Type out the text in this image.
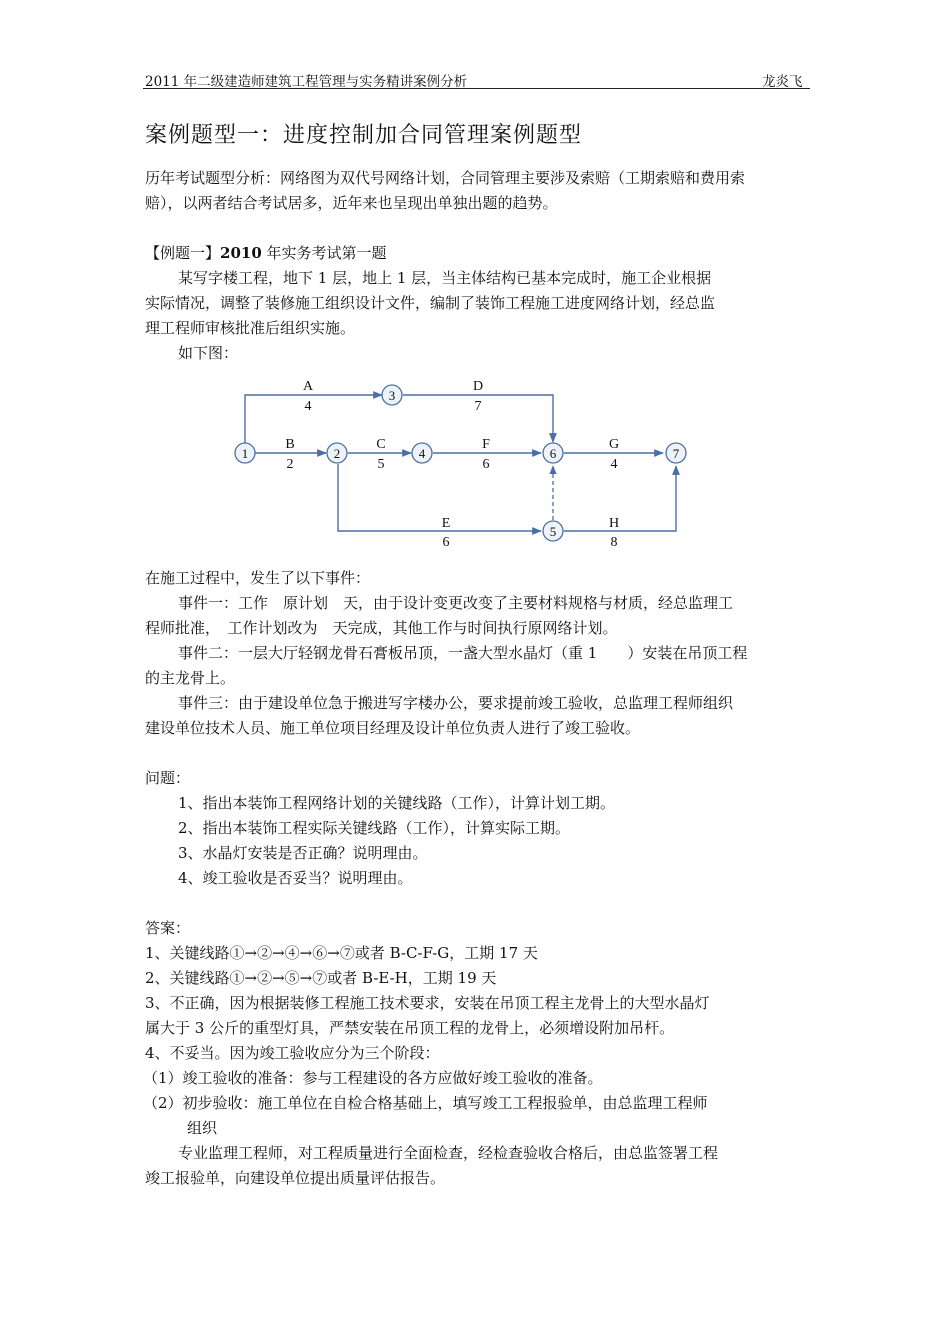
2011 年二级建造师建筑工程管理与实务精讲案例分析	龙炎飞
案例题型一：进度控制加合同管理案例题型
历年考试题型分析：网络图为双代号网络计划，合同管理主要涉及索赔（工期索赔和费用索
赔），以两者结合考试居多，近年来也呈现出单独出题的趋势。
【例题一】2010 年实务考试第一题
某写字楼工程，地下 1 层，地上 1 层，当主体结构已基本完成时，施工企业根据
实际情况，调整了装修施工组织设计文件，编制了装饰工程施工进度网络计划，经总监
理工程师审核批准后组织实施。
如下图：
1	2
3
4
5
6	7
A
4
B
2
C
5
D
7
E
6
F
6
G
4
H
8
在施工过程中，发生了以下事件：
事件一：工作　原计划　天，由于设计变更改变了主要材料规格与材质，经总监理工
程师批准，　工作计划改为　天完成，其他工作与时间执行原网络计划。
事件二：一层大厅轻钢龙骨石膏板吊顶，一盏大型水晶灯（重 1　　）安装在吊顶工程
的主龙骨上。
事件三：由于建设单位急于搬进写字楼办公，要求提前竣工验收，总监理工程师组织
建设单位技术人员、施工单位项目经理及设计单位负责人进行了竣工验收。
问题：
1、指出本装饰工程网络计划的关键线路（工作），计算计划工期。
2、指出本装饰工程实际关键线路（工作），计算实际工期。
3、水晶灯安装是否正确？说明理由。
4、竣工验收是否妥当？说明理由。
答案：
1、关键线路①→②→④→⑥→⑦或者 B-C-F-G，工期 17 天
2、关键线路①→②→⑤→⑦或者 B-E-H，工期 19 天
3、不正确，因为根据装修工程施工技术要求，安装在吊顶工程主龙骨上的大型水晶灯
属大于 3 公斤的重型灯具，严禁安装在吊顶工程的龙骨上，必须增设附加吊杆。
4、不妥当。因为竣工验收应分为三个阶段：
（1）竣工验收的准备：参与工程建设的各方应做好竣工验收的准备。
（2）初步验收：施工单位在自检合格基础上，填写竣工工程报验单，由总监理工程师
组织
专业监理工程师，对工程质量进行全面检查，经检查验收合格后，由总监签署工程
竣工报验单，向建设单位提出质量评估报告。
